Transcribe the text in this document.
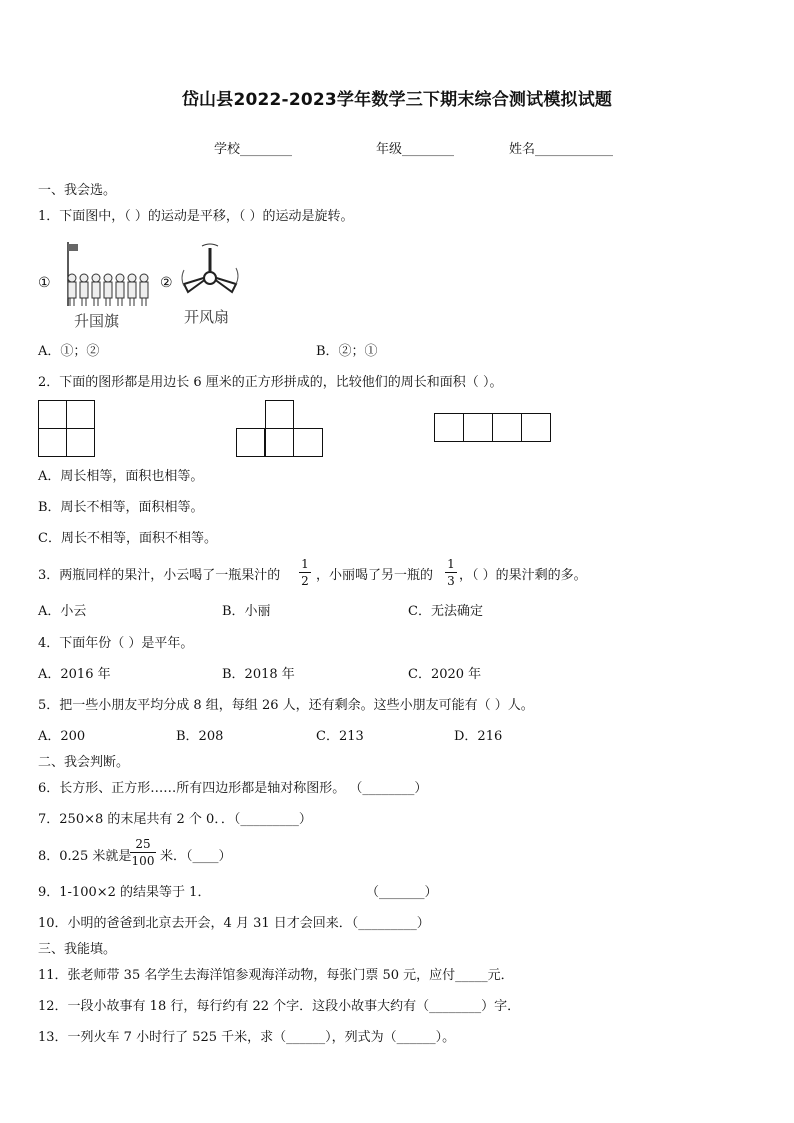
岱山县2022-2023学年数学三下期末综合测试模拟试题
学校________	年级________	姓名____________
一、我会选。
1．下面图中，（ ）的运动是平移，（ ）的运动是旋转。
①
升国旗
②
开风扇
A．①；②	B．②；①
2．下面的图形都是用边长 6 厘米的正方形拼成的，比较他们的周长和面积（ ）。
A．周长相等，面积也相等。
B．周长不相等，面积相等。
C．周长不相等，面积不相等。
3．两瓶同样的果汁，小云喝了一瓶果汁的
1
2 ，小丽喝了另一瓶的
1
3 ，（ ）的果汁剩的多。
A．小云	B．小丽	C．无法确定
4．下面年份（ ）是平年。
A．2016 年	B．2018 年	C．2020 年
5．把一些小朋友平均分成 8 组，每组 26 人，还有剩余。这些小朋友可能有（ ）人。
A．200	B．208	C．213	D．216
二、我会判断。
6．长方形、正方形……所有四边形都是轴对称图形。 （________）
7．250×8 的末尾共有 2 个 0．．（_________）
8．0.25 米就是
25
100 米．（____）
9．1-100×2 的结果等于 1．	（_______）
10．小明的爸爸到北京去开会，4 月 31 日才会回来．（_________）
三、我能填。
11．张老师带 35 名学生去海洋馆参观海洋动物，每张门票 50 元，应付_____元．
12．一段小故事有 18 行，每行约有 22 个字．这段小故事大约有（________）字．
13．一列火车 7 小时行了 525 千米，求（______），列式为（______）。
